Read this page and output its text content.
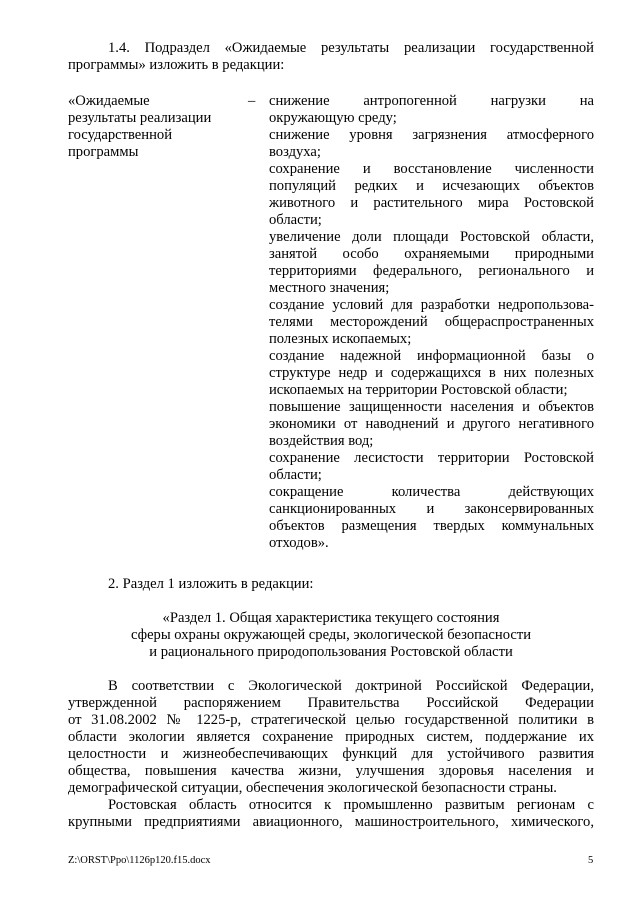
1.4. Подраздел «Ожидаемые результаты реализации государственной
программы» изложить в редакции:
«Ожидаемые
результаты реализации
государственной
программы
– снижение антропогенной нагрузки на
окружающую среду;
снижение уровня загрязнения атмосферного
воздуха;
сохранение и восстановление численности
популяций редких и исчезающих объектов
животного и растительного мира Ростовской
области;
увеличение доли площади Ростовской области,
занятой особо охраняемыми природными
территориями федерального, регионального и
местного значения;
создание условий для разработки недропользова-
телями месторождений общераспространенных
полезных ископаемых;
создание надежной информационной базы о
структуре недр и содержащихся в них полезных
ископаемых на территории Ростовской области;
повышение защищенности населения и объектов
экономики от наводнений и другого негативного
воздействия вод;
сохранение лесистости территории Ростовской
области;
сокращение количества действующих
санкционированных и законсервированных
объектов размещения твердых коммунальных
отходов».
2. Раздел 1 изложить в редакции:
«Раздел 1. Общая характеристика текущего состояния
сферы охраны окружающей среды, экологической безопасности
и рационального природопользования Ростовской области
В соответствии с Экологической доктриной Российской Федерации,
утвержденной распоряжением Правительства Российской Федерации
от 31.08.2002 № 1225-р, стратегической целью государственной политики в
области экологии является сохранение природных систем, поддержание их
целостности и жизнеобеспечивающих функций для устойчивого развития
общества, повышения качества жизни, улучшения здоровья населения и
демографической ситуации, обеспечения экологической безопасности страны.
Ростовская область относится к промышленно развитым регионам с
крупными предприятиями авиационного, машиностроительного, химического,
Z:\ORST\Ppo\1126p120.f15.docx	5
